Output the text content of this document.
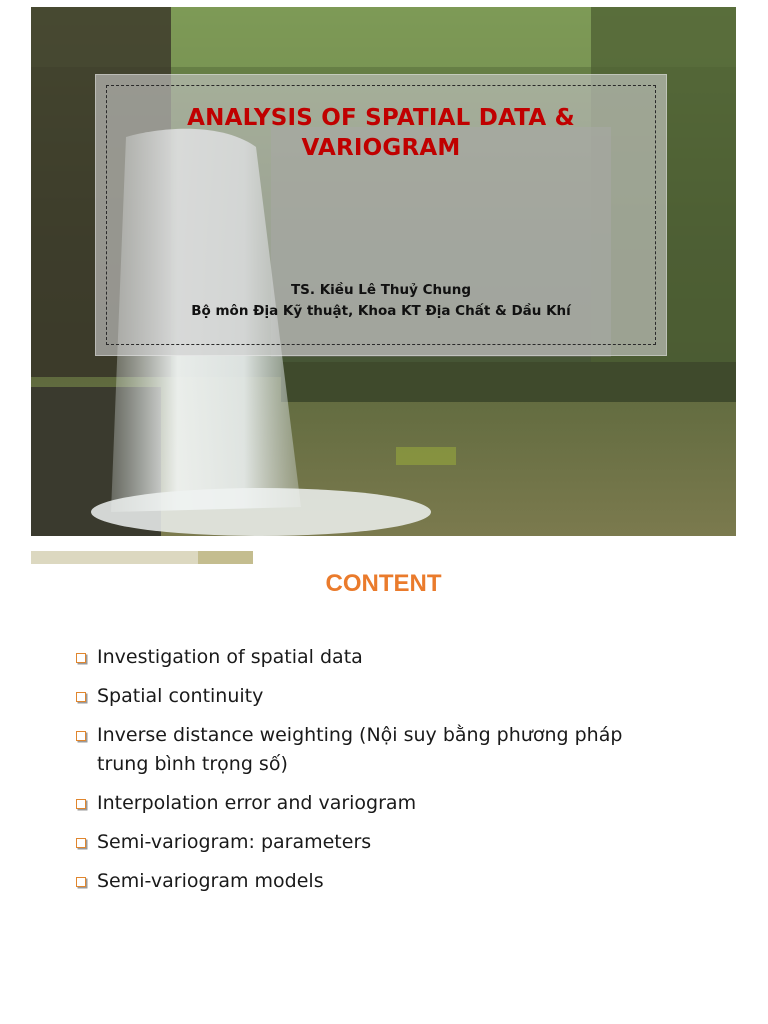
ANALYSIS OF SPATIAL DATA &
VARIOGRAM
TS. Kiều Lê Thuỷ Chung
Bộ môn Địa Kỹ thuật, Khoa KT Địa Chất & Dầu Khí
CONTENT
Investigation of spatial data
Spatial continuity
Inverse distance weighting (Nội suy bằng phương pháp trung bình trọng số)
Interpolation error and variogram
Semi-variogram: parameters
Semi-variogram models
